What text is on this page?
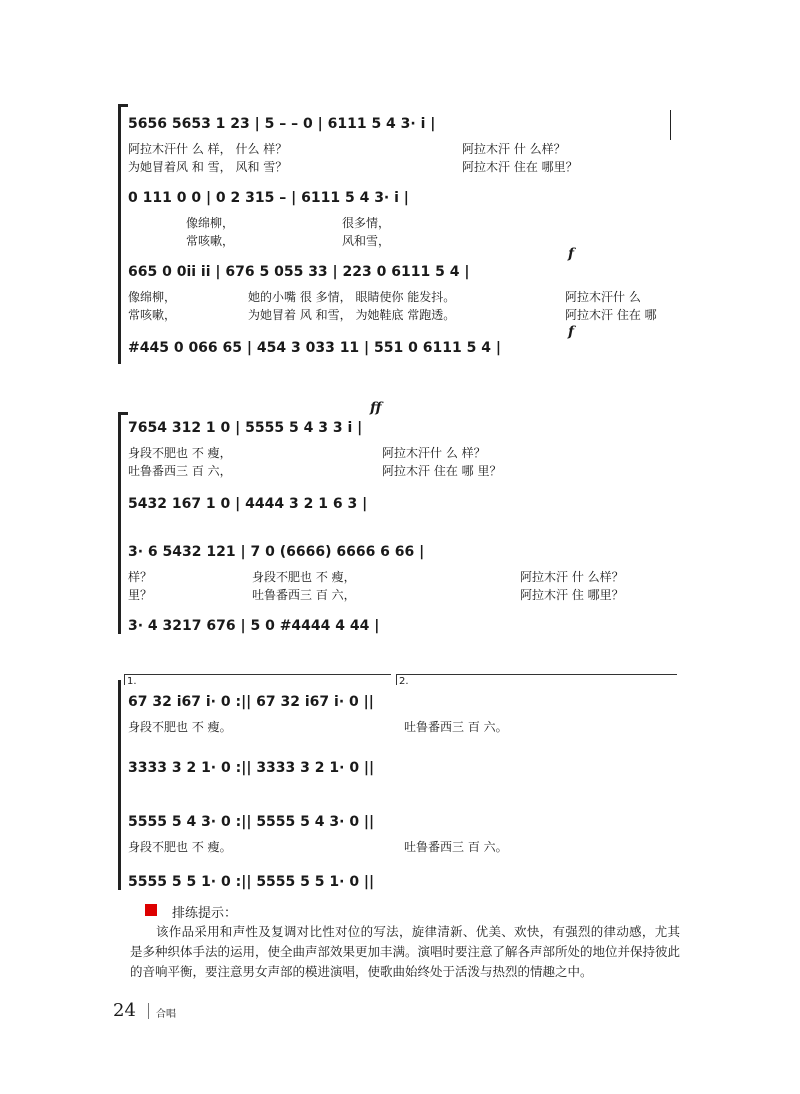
5656 5653 1 23 | 5 – – 0 | 6111 5 4 3· i |
阿拉木汗什 么 样， 什么 样？	阿拉木汗 什 么样？
为她冒着风 和 雪， 风和 雪？	阿拉木汗 住在 哪里？
0 111 0 0 | 0 2 315 – | 6111 5 4 3· i |
像绵柳，	很多情，
常咳嗽，	风和雪，
f
665 0 0ii ii | 676 5 055 33 | 223 0 6111 5 4 |
像绵柳，	她的小嘴 很 多情， 眼睛使你 能发抖。	阿拉木汗什 么
常咳嗽，	为她冒着 风 和雪， 为她鞋底 常跑透。	阿拉木汗 住在 哪
f
#445 0 066 65 | 454 3 033 11 | 551 0 6111 5 4 |
ff
7654 312 1 0 | 5555 5 4 3 3 i |
身段不肥也 不 瘦，	阿拉木汗什 么 样？
吐鲁番西三 百 六，	阿拉木汗 住在 哪 里？
5432 167 1 0 | 4444 3 2 1 6 3 |
3· 6 5432 121 | 7 0 (6666) 6666 6 66 |
样？	身段不肥也 不 瘦，	阿拉木汗 什 么样？
里？	吐鲁番西三 百 六，	阿拉木汗 住 哪里？
3· 4 3217 676 | 5 0 #4444 4 44 |
1.	2.
67 32 i67 i· 0 :|| 67 32 i67 i· 0 ||
身段不肥也 不 瘦。	吐鲁番西三 百 六。
3333 3 2 1· 0 :|| 3333 3 2 1· 0 ||
5555 5 4 3· 0 :|| 5555 5 4 3· 0 ||
身段不肥也 不 瘦。	吐鲁番西三 百 六。
5555 5 5 1· 0 :|| 5555 5 5 1· 0 ||
排练提示：
该作品采用和声性及复调对比性对位的写法，旋律清新、优美、欢快，有强烈的律动感，尤其是多种织体手法的运用，使全曲声部效果更加丰满。演唱时要注意了解各声部所处的地位并保持彼此的音响平衡，要注意男女声部的模进演唱，使歌曲始终处于活泼与热烈的情趣之中。
24 合唱
